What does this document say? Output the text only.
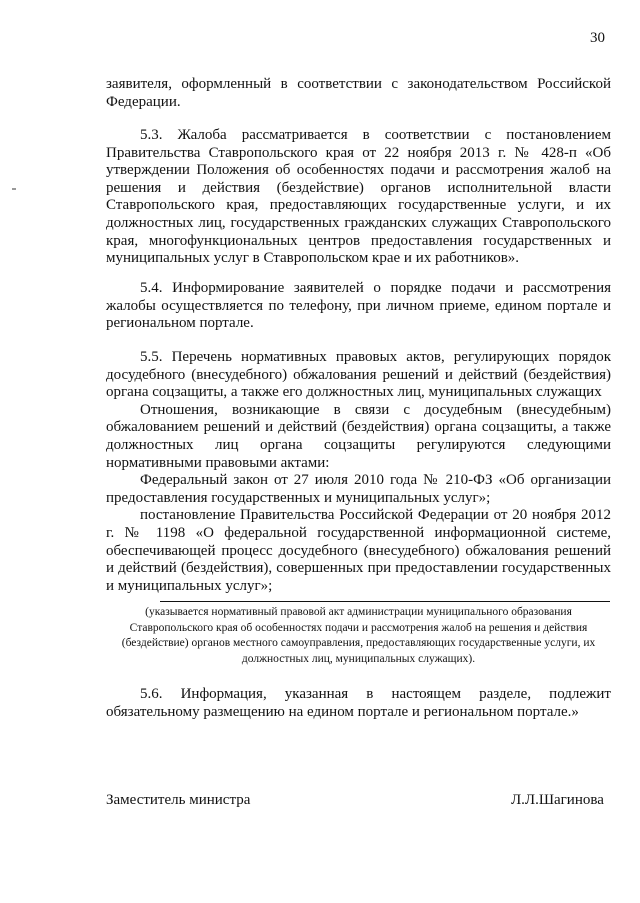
30

заявителя, оформленный в соответствии с законодательством Российской Федерации.

5.3. Жалоба рассматривается в соответствии с постановлением Правительства Ставропольского края от 22 ноября 2013 г. № 428-п «Об утверждении Положения об особенностях подачи и рассмотрения жалоб на решения и действия (бездействие) органов исполнительной власти Ставропольского края, предоставляющих государственные услуги, и их должностных лиц, государственных гражданских служащих Ставропольского края, многофункциональных центров предоставления государственных и муниципальных услуг в Ставропольском крае и их работников».

5.4. Информирование заявителей о порядке подачи и рассмотрения жалобы осуществляется по телефону, при личном приеме, едином портале и региональном портале.

5.5. Перечень нормативных правовых актов, регулирующих порядок досудебного (внесудебного) обжалования решений и действий (бездействия) органа соцзащиты, а также его должностных лиц, муниципальных служащих

Отношения, возникающие в связи с досудебным (внесудебным) обжалованием решений и действий (бездействия) органа соцзащиты, а также должностных лиц органа соцзащиты регулируются следующими нормативными правовыми актами:

Федеральный закон от 27 июля 2010 года № 210-ФЗ «Об организации предоставления государственных и муниципальных услуг»;

постановление Правительства Российской Федерации от 20 ноября 2012 г. № 1198 «О федеральной государственной информационной системе, обеспечивающей процесс досудебного (внесудебного) обжалования решений и действий (бездействия), совершенных при предоставлении государственных и муниципальных услуг»;

(указывается нормативный правовой акт администрации муниципального образования Ставропольского края об особенностях подачи и рассмотрения жалоб на решения и действия (бездействие) органов местного самоуправления, предоставляющих государственные услуги, их должностных лиц, муниципальных служащих).

5.6. Информация, указанная в настоящем разделе, подлежит обязательному размещению на едином портале и региональном портале.»

Заместитель министра	Л.Л.Шагинова
